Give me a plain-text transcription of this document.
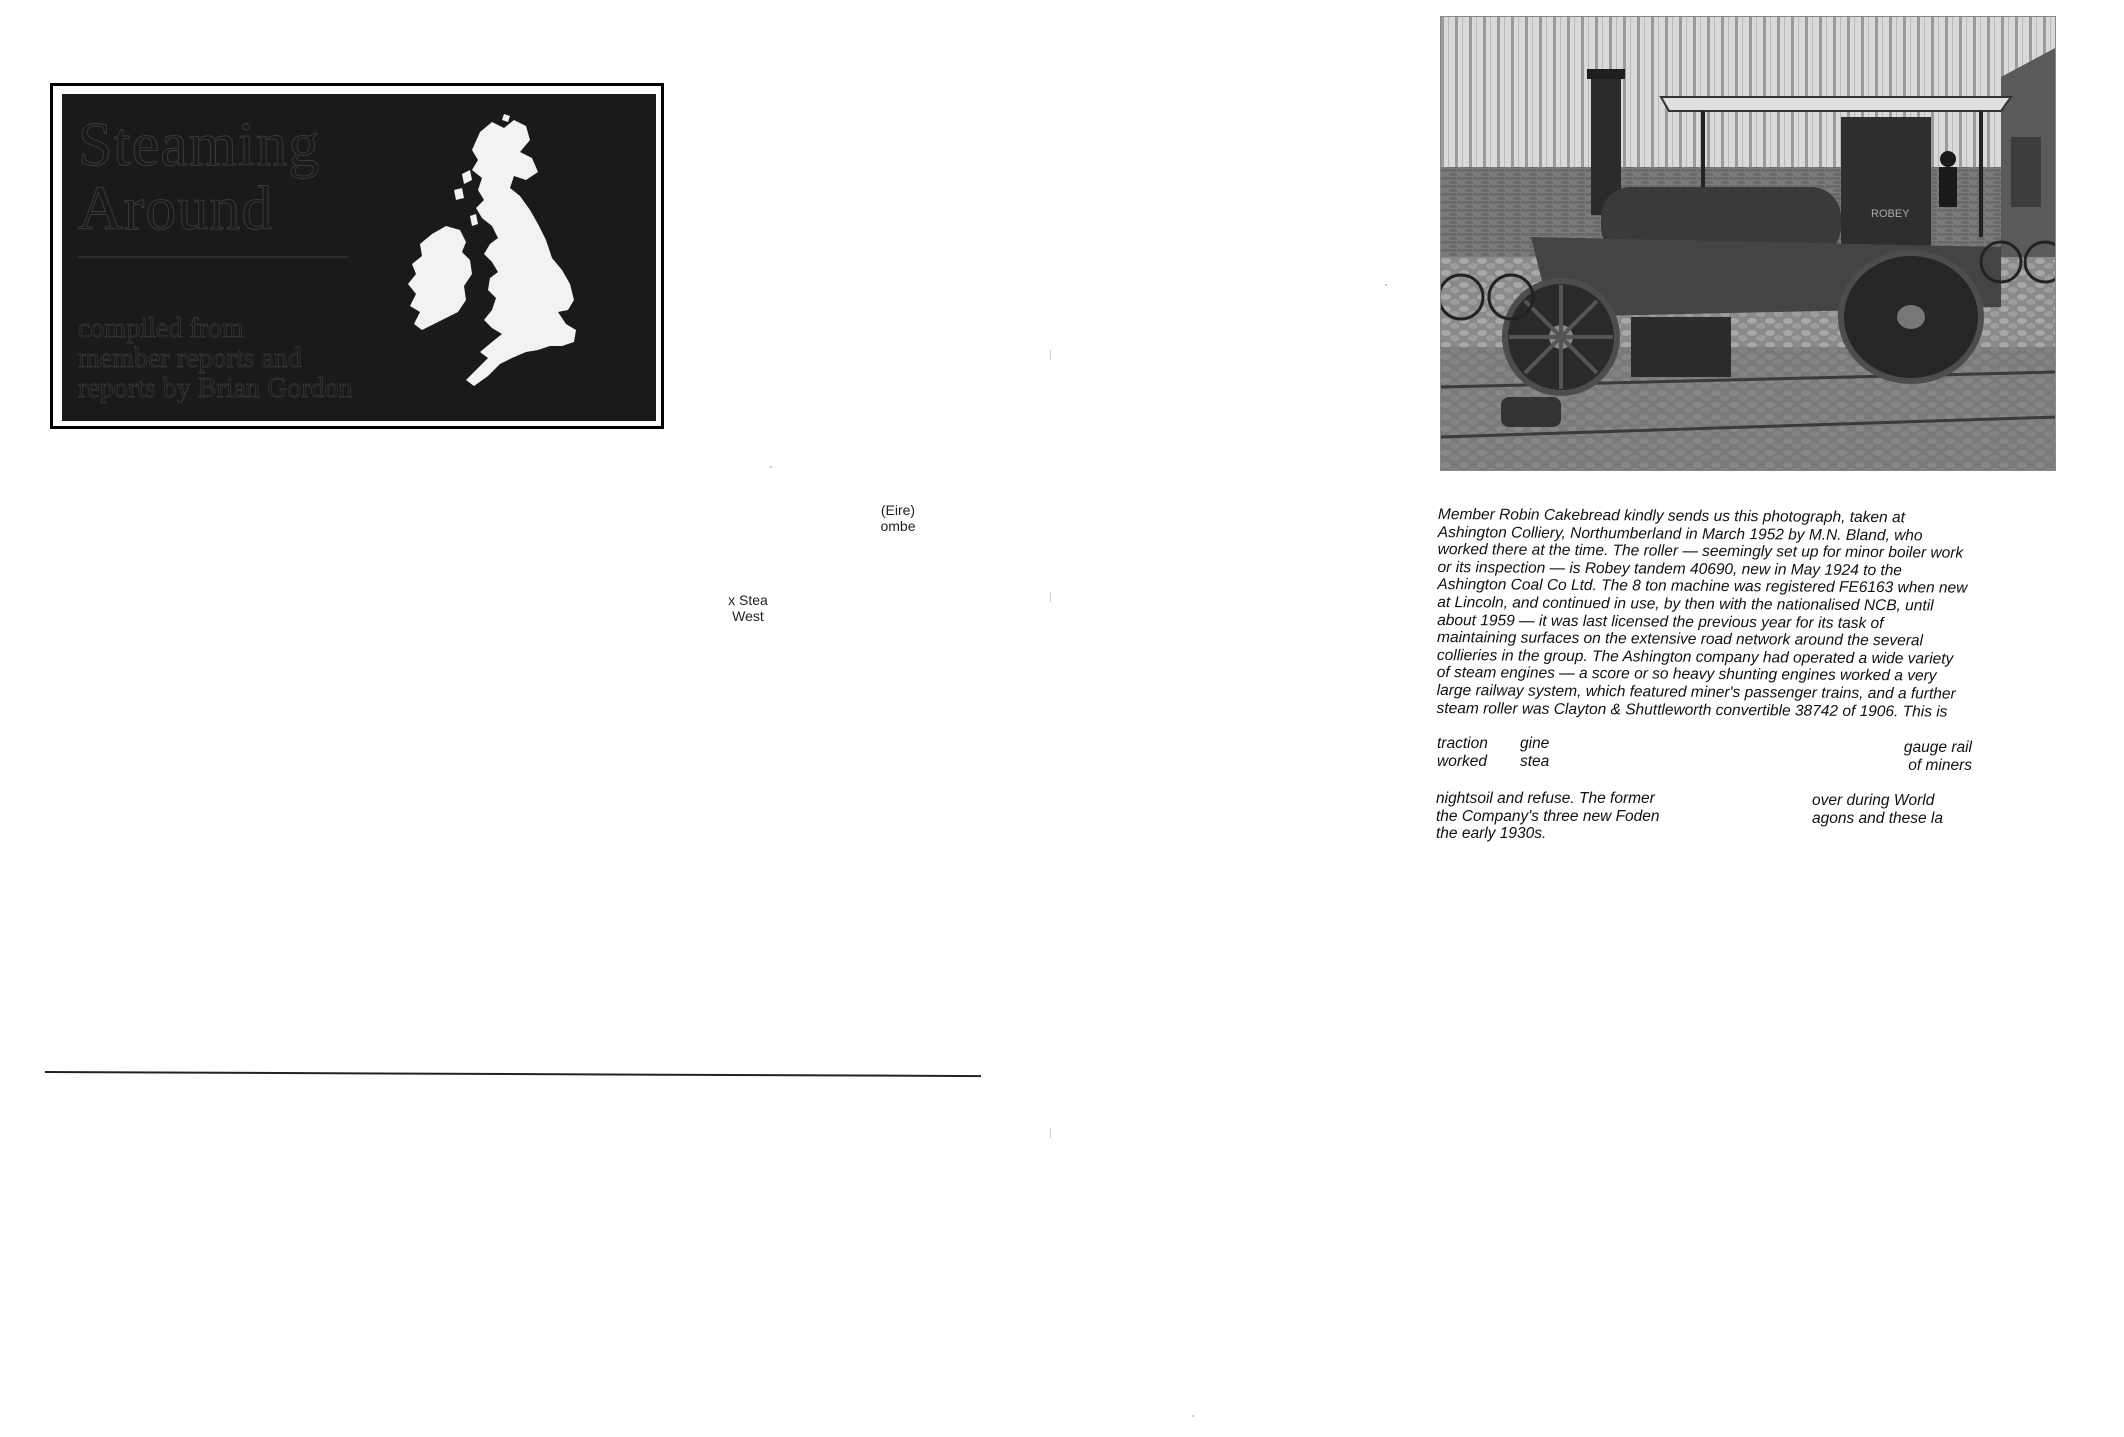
Steaming
Around
compiled from
member reports and
reports by Brian Gordon
(Eire)
ombe
x Stea
West
ROBEY

Member Robin Cakebread kindly sends us this photograph, taken at

Ashington Colliery, Northumberland in March 1952 by M.N. Bland, who

worked there at the time. The roller — seemingly set up for minor boiler work

or its inspection — is Robey tandem 40690, new in May 1924 to the

Ashington Coal Co Ltd. The 8 ton machine was registered FE6163 when new

at Lincoln, and continued in use, by then with the nationalised NCB, until

about 1959 — it was last licensed the previous year for its task of

maintaining surfaces on the extensive road network around the several

collieries in the group. The Ashington company had operated a wide variety

of steam engines — a score or so heavy shunting engines worked a very

large railway system, which featured miner's passenger trains, and a further

steam roller was Clayton & Shuttleworth convertible 38742 of 1906. This is

traction
worked
gine
stea
gauge rail
of miners
nightsoil and refuse. The former
the Company's three new Foden
the early 1930s.
over during World
agons and these la
